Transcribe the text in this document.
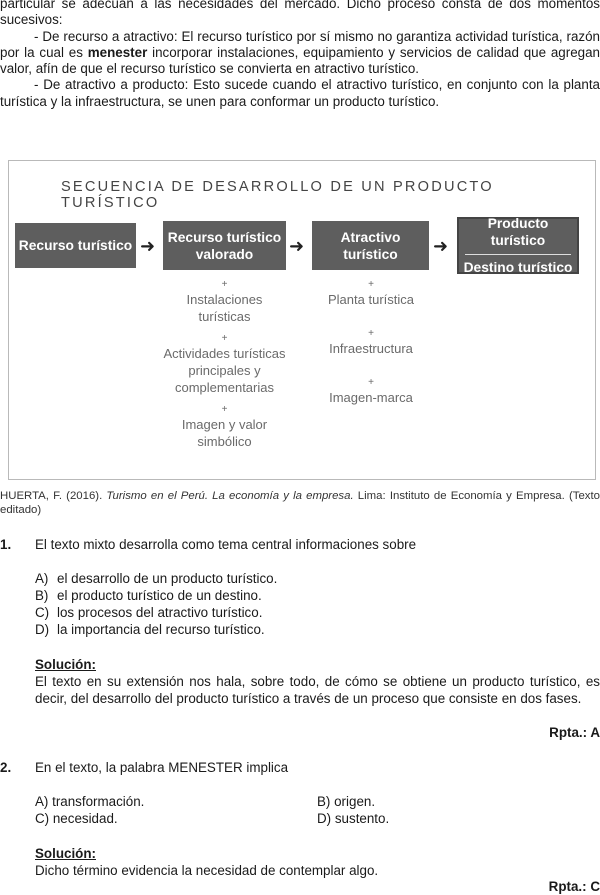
particular se adecúan a las necesidades del mercado. Dicho proceso consta de dos momentos sucesivos:

- De recurso a atractivo: El recurso turístico por sí mismo no garantiza actividad turística, razón por la cual es menester incorporar instalaciones, equipamiento y servicios de calidad que agregan valor, afín de que el recurso turístico se convierta en atractivo turístico.

- De atractivo a producto: Esto sucede cuando el atractivo turístico, en conjunto con la planta turística y la infraestructura, se unen para conformar un producto turístico.

SECUENCIA DE DESARROLLO DE UN PRODUCTO TURÍSTICO
Recurso turístico ➜ Recurso turístico
valorado	➜	Atractivo
turístico	➜
Producto turístico
Destino turístico
+
Instalaciones turísticas
+
Actividades turísticas principales y complementarias
+
Imagen y valor simbólico
+
Planta turística
+
Infraestructura
+
Imagen-marca
HUERTA, F. (2016). Turismo en el Perú. La economía y la empresa. Lima: Instituto de Economía y Empresa. (Texto editado)
1. El texto mixto desarrolla como tema central informaciones sobre
A) el desarrollo de un producto turístico.
B) el producto turístico de un destino.
C) los procesos del atractivo turístico.
D) la importancia del recurso turístico.
Solución:
El texto en su extensión nos hala, sobre todo, de cómo se obtiene un producto turístico, es decir, del desarrollo del producto turístico a través de un proceso que consiste en dos fases.
Rpta.: A
2. En el texto, la palabra MENESTER implica
A) transformación.	B) origen.
C) necesidad.	D) sustento.
Solución:
Dicho término evidencia la necesidad de contemplar algo.
Rpta.: C
